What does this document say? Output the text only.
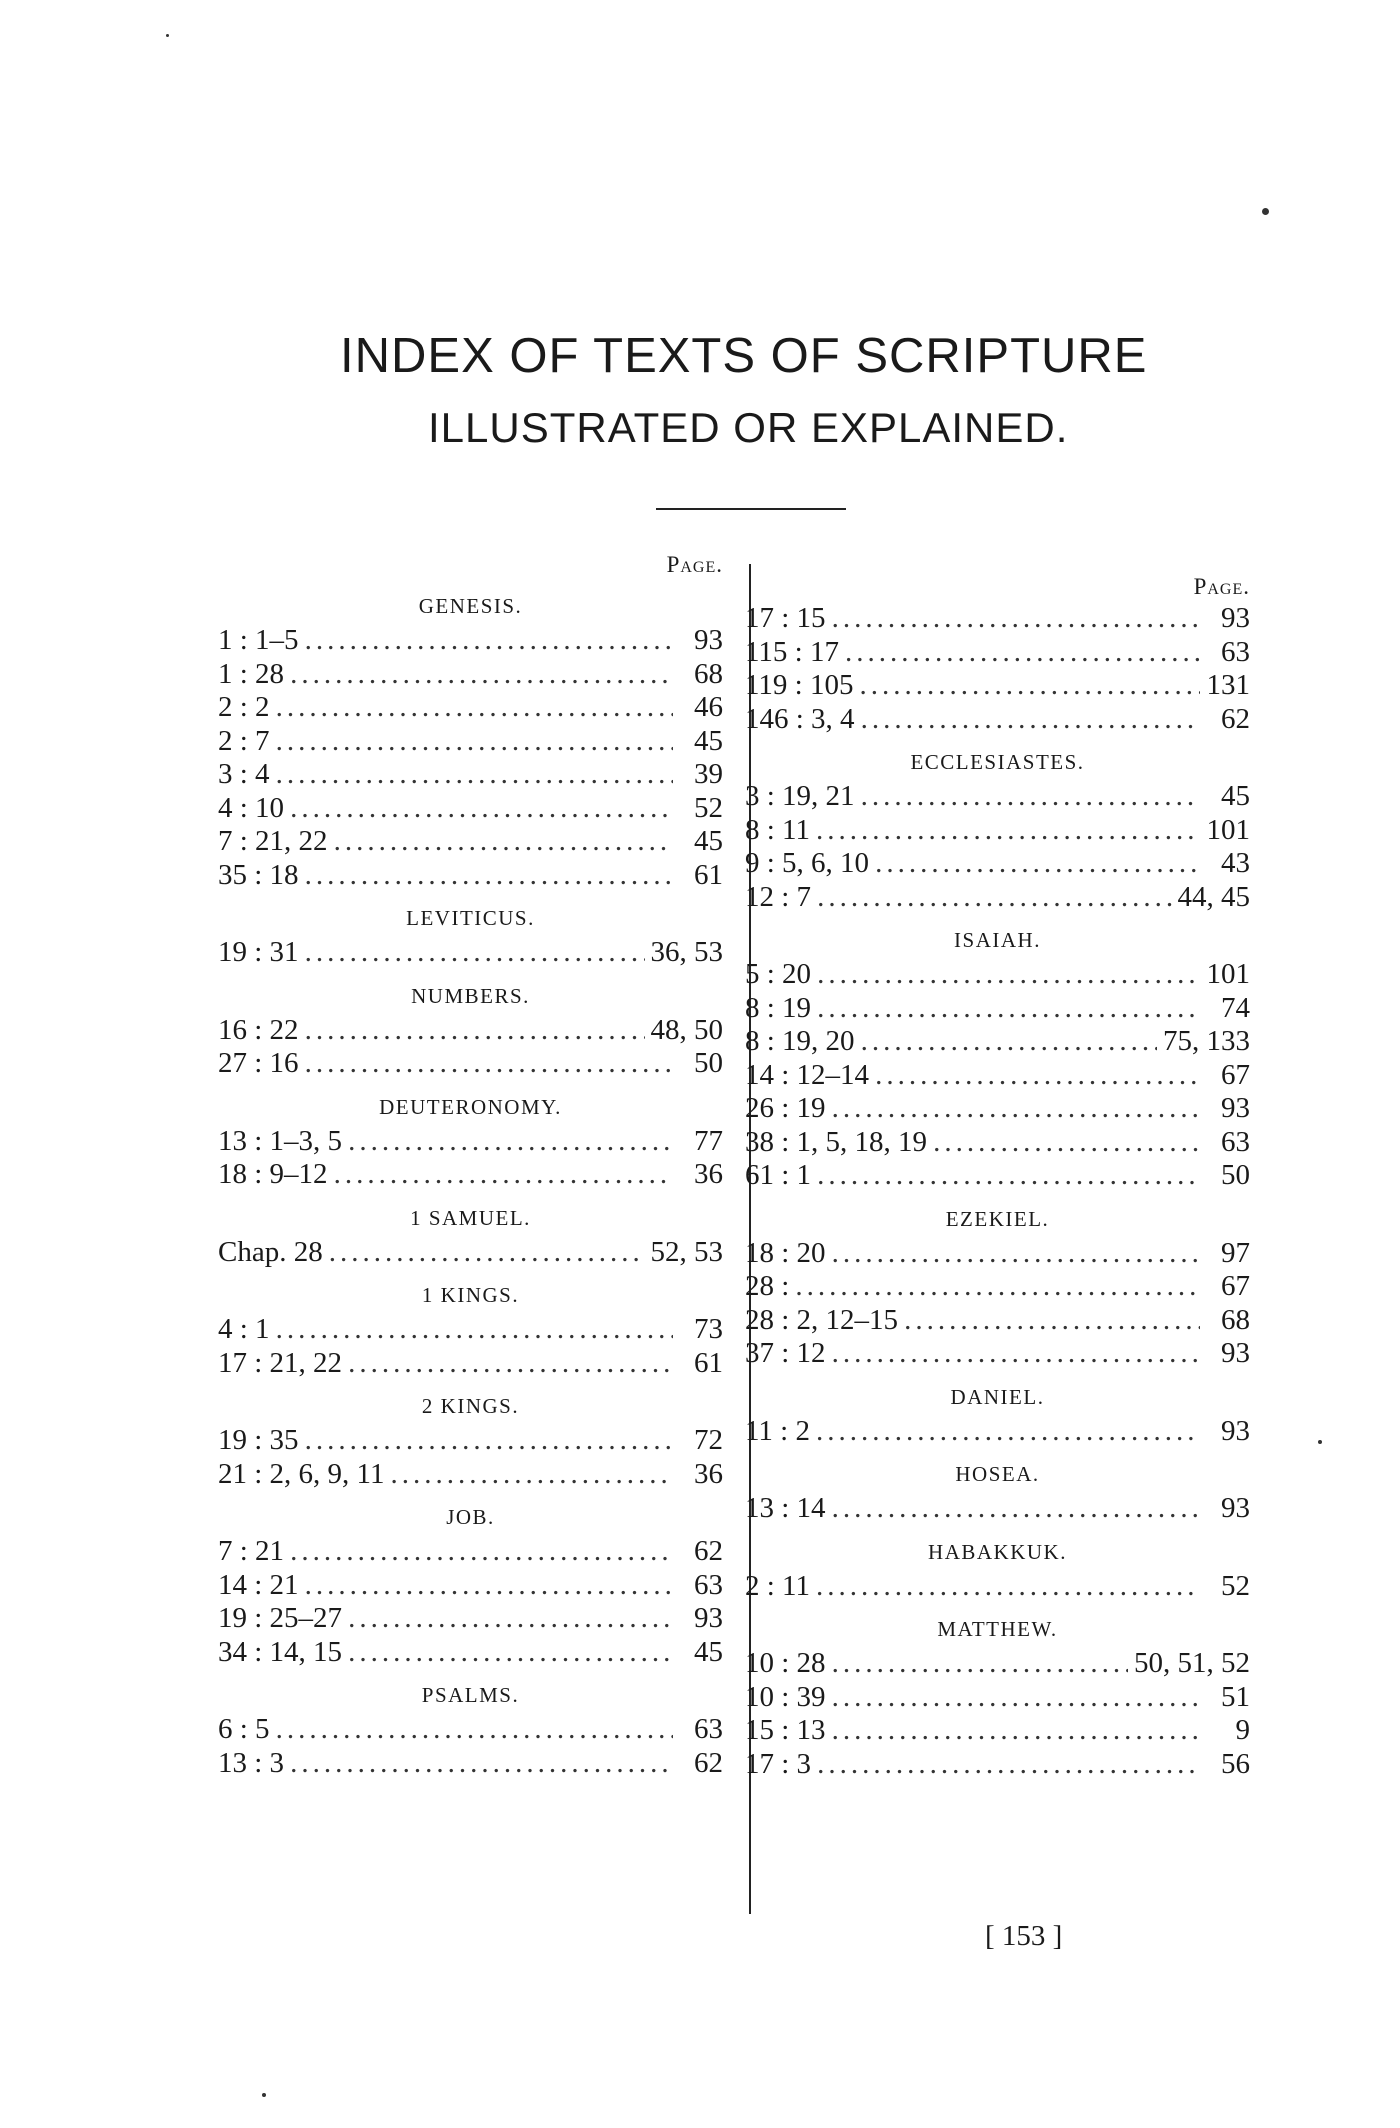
INDEX OF TEXTS OF SCRIPTURE
ILLUSTRATED OR EXPLAINED.
Page.
GENESIS.
1 : 1–5 .....	93
1 : 28 .....	68
2 : 2 .....	46
2 : 7 .....	45
3 : 4 .....	39
4 : 10 .....	52
7 : 21, 22 .....	45
35 : 18 .....	61
LEVITICUS.
19 : 31 .....	36, 53
NUMBERS.
16 : 22 .....	48, 50
27 : 16 .....	50
DEUTERONOMY.
13 : 1–3, 5 .....	77
18 : 9–12 .....	36
1 SAMUEL.
Chap. 28 .....	52, 53
1 KINGS.
4 : 1 .....	73
17 : 21, 22 .....	61
2 KINGS.
19 : 35 .....	72
21 : 2, 6, 9, 11 .....	36
JOB.
7 : 21 .....	62
14 : 21 .....	63
19 : 25–27 .....	93
34 : 14, 15 .....	45
PSALMS.
6 : 5 .....	63
13 : 3 .....	62
Page.
17 : 15 .....	93
115 : 17 .....	63
119 : 105 .....	131
146 : 3, 4 .....	62
ECCLESIASTES.
3 : 19, 21 .....	45
8 : 11 .....	101
9 : 5, 6, 10 .....	43
12 : 7 .....	44, 45
ISAIAH.
5 : 20 .....	101
8 : 19 .....	74
8 : 19, 20 .....	75, 133
14 : 12–14 .....	67
26 : 19 .....	93
38 : 1, 5, 18, 19 .....	63
61 : 1 .....	50
EZEKIEL.
18 : 20 .....	97
28 : .....	67
28 : 2, 12–15 .....	68
37 : 12 .....	93
DANIEL.
11 : 2 .....	93
HOSEA.
13 : 14 .....	93
HABAKKUK.
2 : 11 .....	52
MATTHEW.
10 : 28 .....	50, 51, 52
10 : 39 .....	51
15 : 13 .....	9
17 : 3 .....	56
[ 153 ]
